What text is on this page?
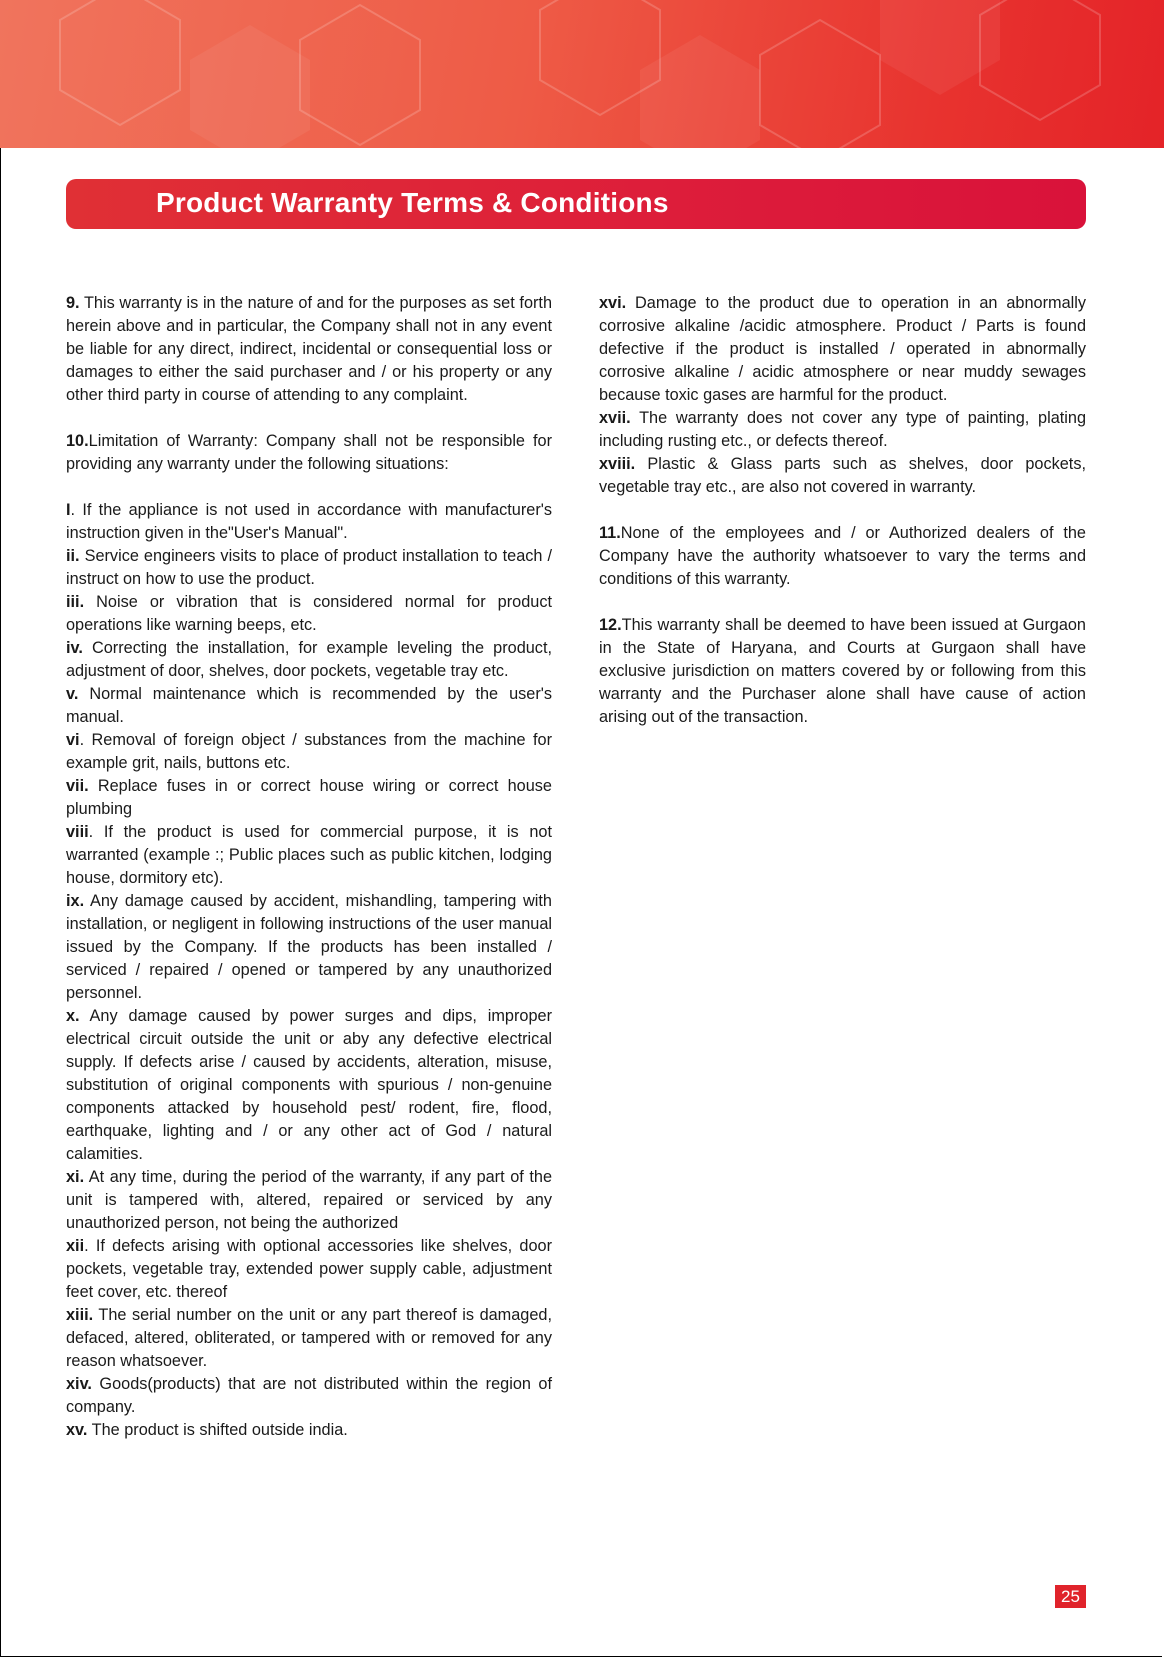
Product Warranty Terms & Conditions

9. This warranty is in the nature of and for the purposes as set forth herein above and in particular, the Company shall not in any event be liable for any direct, indirect, incidental or consequential loss or damages to either the said purchaser and / or his property or any other third party in course of attending to any complaint.

10.Limitation of Warranty: Company shall not be responsible for providing any warranty under the following situations:

I. If the appliance is not used in accordance with manufacturer's instruction given in the"User's Manual".

ii. Service engineers visits to place of product installation to teach / instruct on how to use the product.

iii. Noise or vibration that is considered normal for product operations like warning beeps, etc.

iv. Correcting the installation, for example leveling the product, adjustment of door, shelves, door pockets, vegetable tray etc.

v. Normal maintenance which is recommended by the user's manual.

vi. Removal of foreign object / substances from the machine for example grit, nails, buttons etc.

vii. Replace fuses in or correct house wiring or correct house plumbing

viii. If the product is used for commercial purpose, it is not warranted (example :; Public places such as public kitchen, lodging house, dormitory etc).

ix. Any damage caused by accident, mishandling, tampering with installation, or negligent in following instructions of the user manual issued by the Company. If the products has been installed / serviced / repaired / opened or tampered by any unauthorized personnel.

x. Any damage caused by power surges and dips, improper electrical circuit outside the unit or aby any defective electrical supply. If defects arise / caused by accidents, alteration, misuse, substitution of original components with spurious / non-genuine components attacked by household pest/ rodent, fire, flood, earthquake, lighting and / or any other act of God / natural calamities.

xi. At any time, during the period of the warranty, if any part of the unit is tampered with, altered, repaired or serviced by any unauthorized person, not being the authorized

xii. If defects arising with optional accessories like shelves, door pockets, vegetable tray, extended power supply cable, adjustment feet cover, etc. thereof

xiii. The serial number on the unit or any part thereof is damaged, defaced, altered, obliterated, or tampered with or removed for any reason whatsoever.

xiv. Goods(products) that are not distributed within the region of company.

xv. The product is shifted outside india.

xvi. Damage to the product due to operation in an abnormally corrosive alkaline /acidic atmosphere. Product / Parts is found defective if the product is installed / operated in abnormally corrosive alkaline / acidic atmosphere or near muddy sewages because toxic gases are harmful for the product.

xvii. The warranty does not cover any type of painting, plating including rusting etc., or defects thereof.

xviii. Plastic & Glass parts such as shelves, door pockets, vegetable tray etc., are also not covered in warranty.

11.None of the employees and / or Authorized dealers of the Company have the authority whatsoever to vary the terms and conditions of this warranty.

12.This warranty shall be deemed to have been issued at Gurgaon in the State of Haryana, and Courts at Gurgaon shall have exclusive jurisdiction on matters covered by or following from this warranty and the Purchaser alone shall have cause of action arising out of the transaction.

25
